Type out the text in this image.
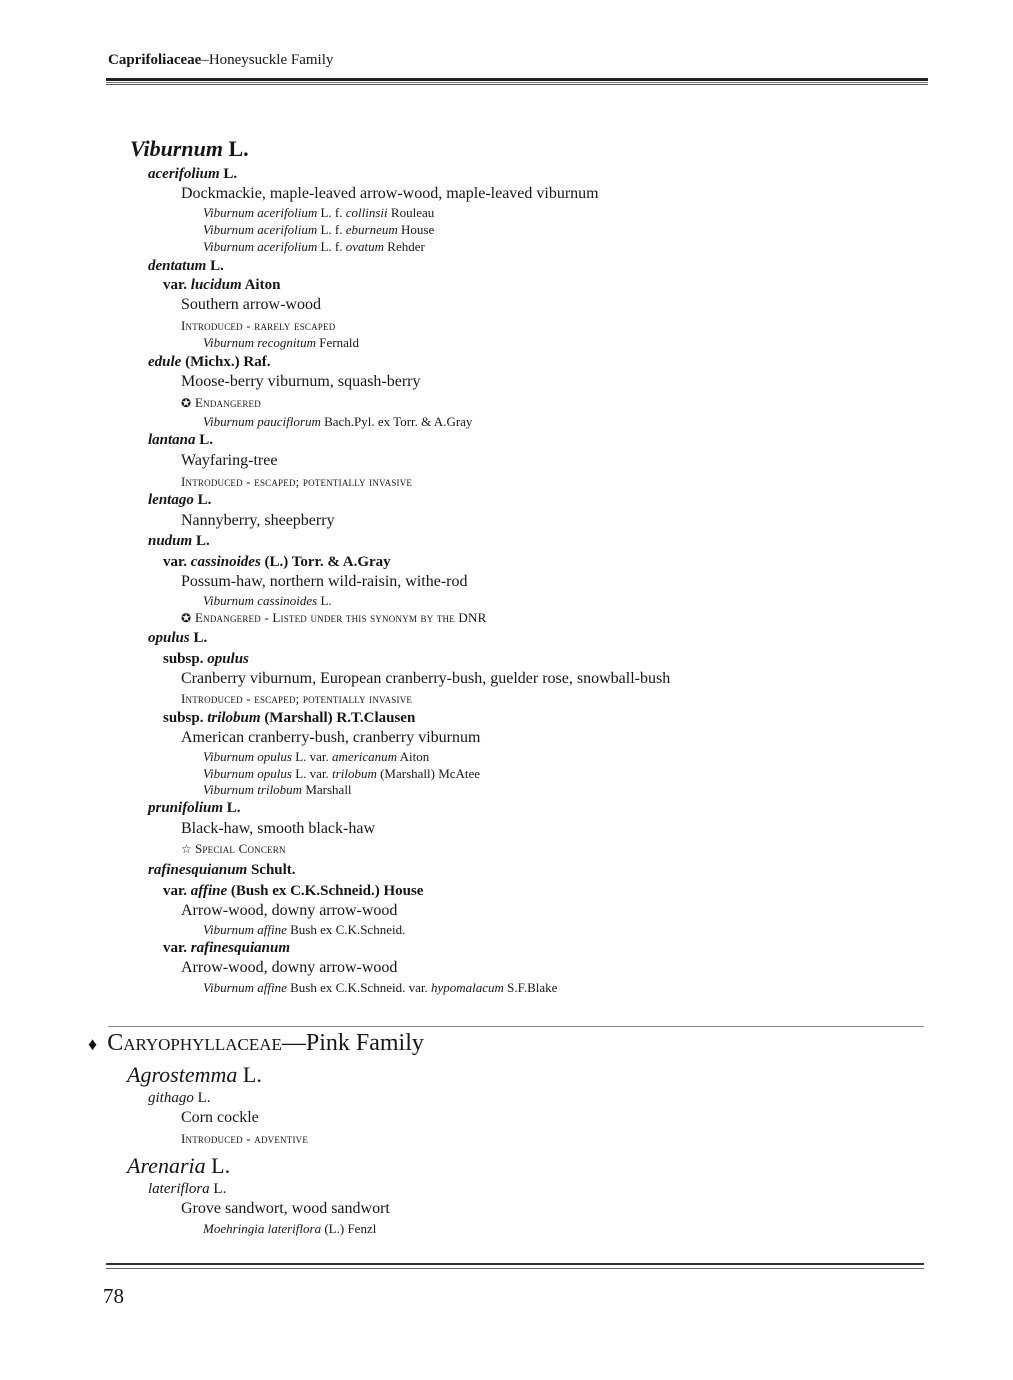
Caprifoliaceae–Honeysuckle Family
Viburnum L.
acerifolium L.
Dockmackie, maple-leaved arrow-wood, maple-leaved viburnum
Viburnum acerifolium L. f. collinsii Rouleau
Viburnum acerifolium L. f. eburneum House
Viburnum acerifolium L. f. ovatum Rehder
dentatum L.
var. lucidum Aiton
Southern arrow-wood
Introduced - rarely escaped
Viburnum recognitum Fernald
edule (Michx.) Raf.
Moose-berry viburnum, squash-berry
✪ Endangered
Viburnum pauciflorum Bach.Pyl. ex Torr. & A.Gray
lantana L.
Wayfaring-tree
Introduced - escaped; potentially invasive
lentago L.
Nannyberry, sheepberry
nudum L.
var. cassinoides (L.) Torr. & A.Gray
Possum-haw, northern wild-raisin, withe-rod
Viburnum cassinoides L.
✪ Endangered - Listed under this synonym by the DNR
opulus L.
subsp. opulus
Cranberry viburnum, European cranberry-bush, guelder rose, snowball-bush
Introduced - escaped; potentially invasive
subsp. trilobum (Marshall) R.T.Clausen
American cranberry-bush, cranberry viburnum
Viburnum opulus L. var. americanum Aiton
Viburnum opulus L. var. trilobum (Marshall) McAtee
Viburnum trilobum Marshall
prunifolium L.
Black-haw, smooth black-haw
☆ Special Concern
rafinesquianum Schult.
var. affine (Bush ex C.K.Schneid.) House
Arrow-wood, downy arrow-wood
Viburnum affine Bush ex C.K.Schneid.
var. rafinesquianum
Arrow-wood, downy arrow-wood
Viburnum affine Bush ex C.K.Schneid. var. hypomalacum S.F.Blake
♦ Caryophyllaceae—Pink Family
Agrostemma L.
githago L.
Corn cockle
Introduced - adventive
Arenaria L.
lateriflora L.
Grove sandwort, wood sandwort
Moehringia lateriflora (L.) Fenzl
78
